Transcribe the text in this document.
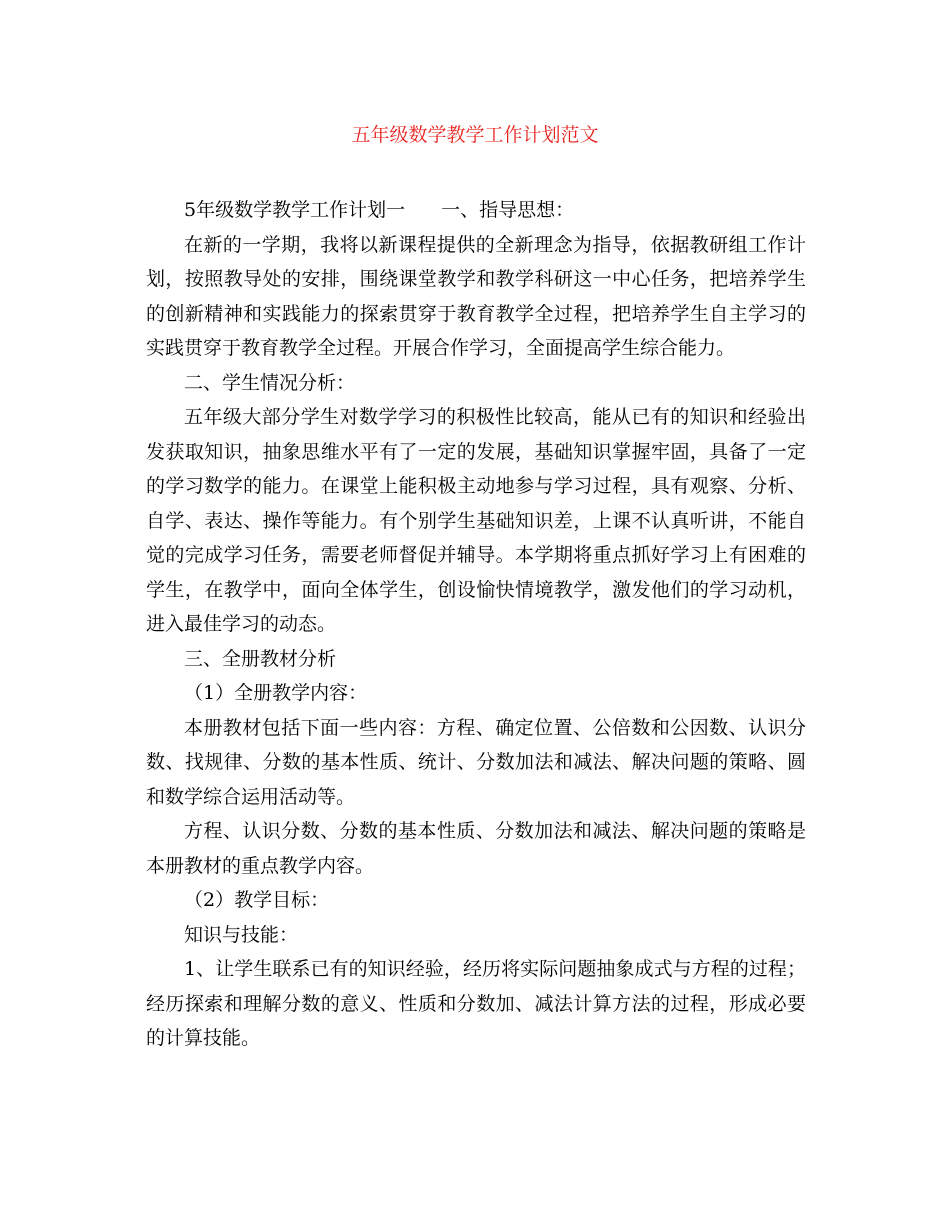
五年级数学教学工作计划范文

5年级数学教学工作计划一 一、指导思想：

在新的一学期，我将以新课程提供的全新理念为指导，依据教研组工作计划，按照教导处的安排，围绕课堂教学和教学科研这一中心任务，把培养学生的创新精神和实践能力的探索贯穿于教育教学全过程，把培养学生自主学习的实践贯穿于教育教学全过程。开展合作学习，全面提高学生综合能力。

二、学生情况分析：

五年级大部分学生对数学学习的积极性比较高，能从已有的知识和经验出发获取知识，抽象思维水平有了一定的发展，基础知识掌握牢固，具备了一定的学习数学的能力。在课堂上能积极主动地参与学习过程，具有观察、分析、自学、表达、操作等能力。有个别学生基础知识差，上课不认真听讲，不能自觉的完成学习任务，需要老师督促并辅导。本学期将重点抓好学习上有困难的学生，在教学中，面向全体学生，创设愉快情境教学，激发他们的学习动机，进入最佳学习的动态。

三、全册教材分析

（1）全册教学内容：

本册教材包括下面一些内容：方程、确定位置、公倍数和公因数、认识分数、找规律、分数的基本性质、统计、分数加法和减法、解决问题的策略、圆和数学综合运用活动等。

方程、认识分数、分数的基本性质、分数加法和减法、解决问题的策略是本册教材的重点教学内容。

（2）教学目标：

知识与技能：

1、让学生联系已有的知识经验，经历将实际问题抽象成式与方程的过程；经历探索和理解分数的意义、性质和分数加、减法计算方法的过程，形成必要的计算技能。
